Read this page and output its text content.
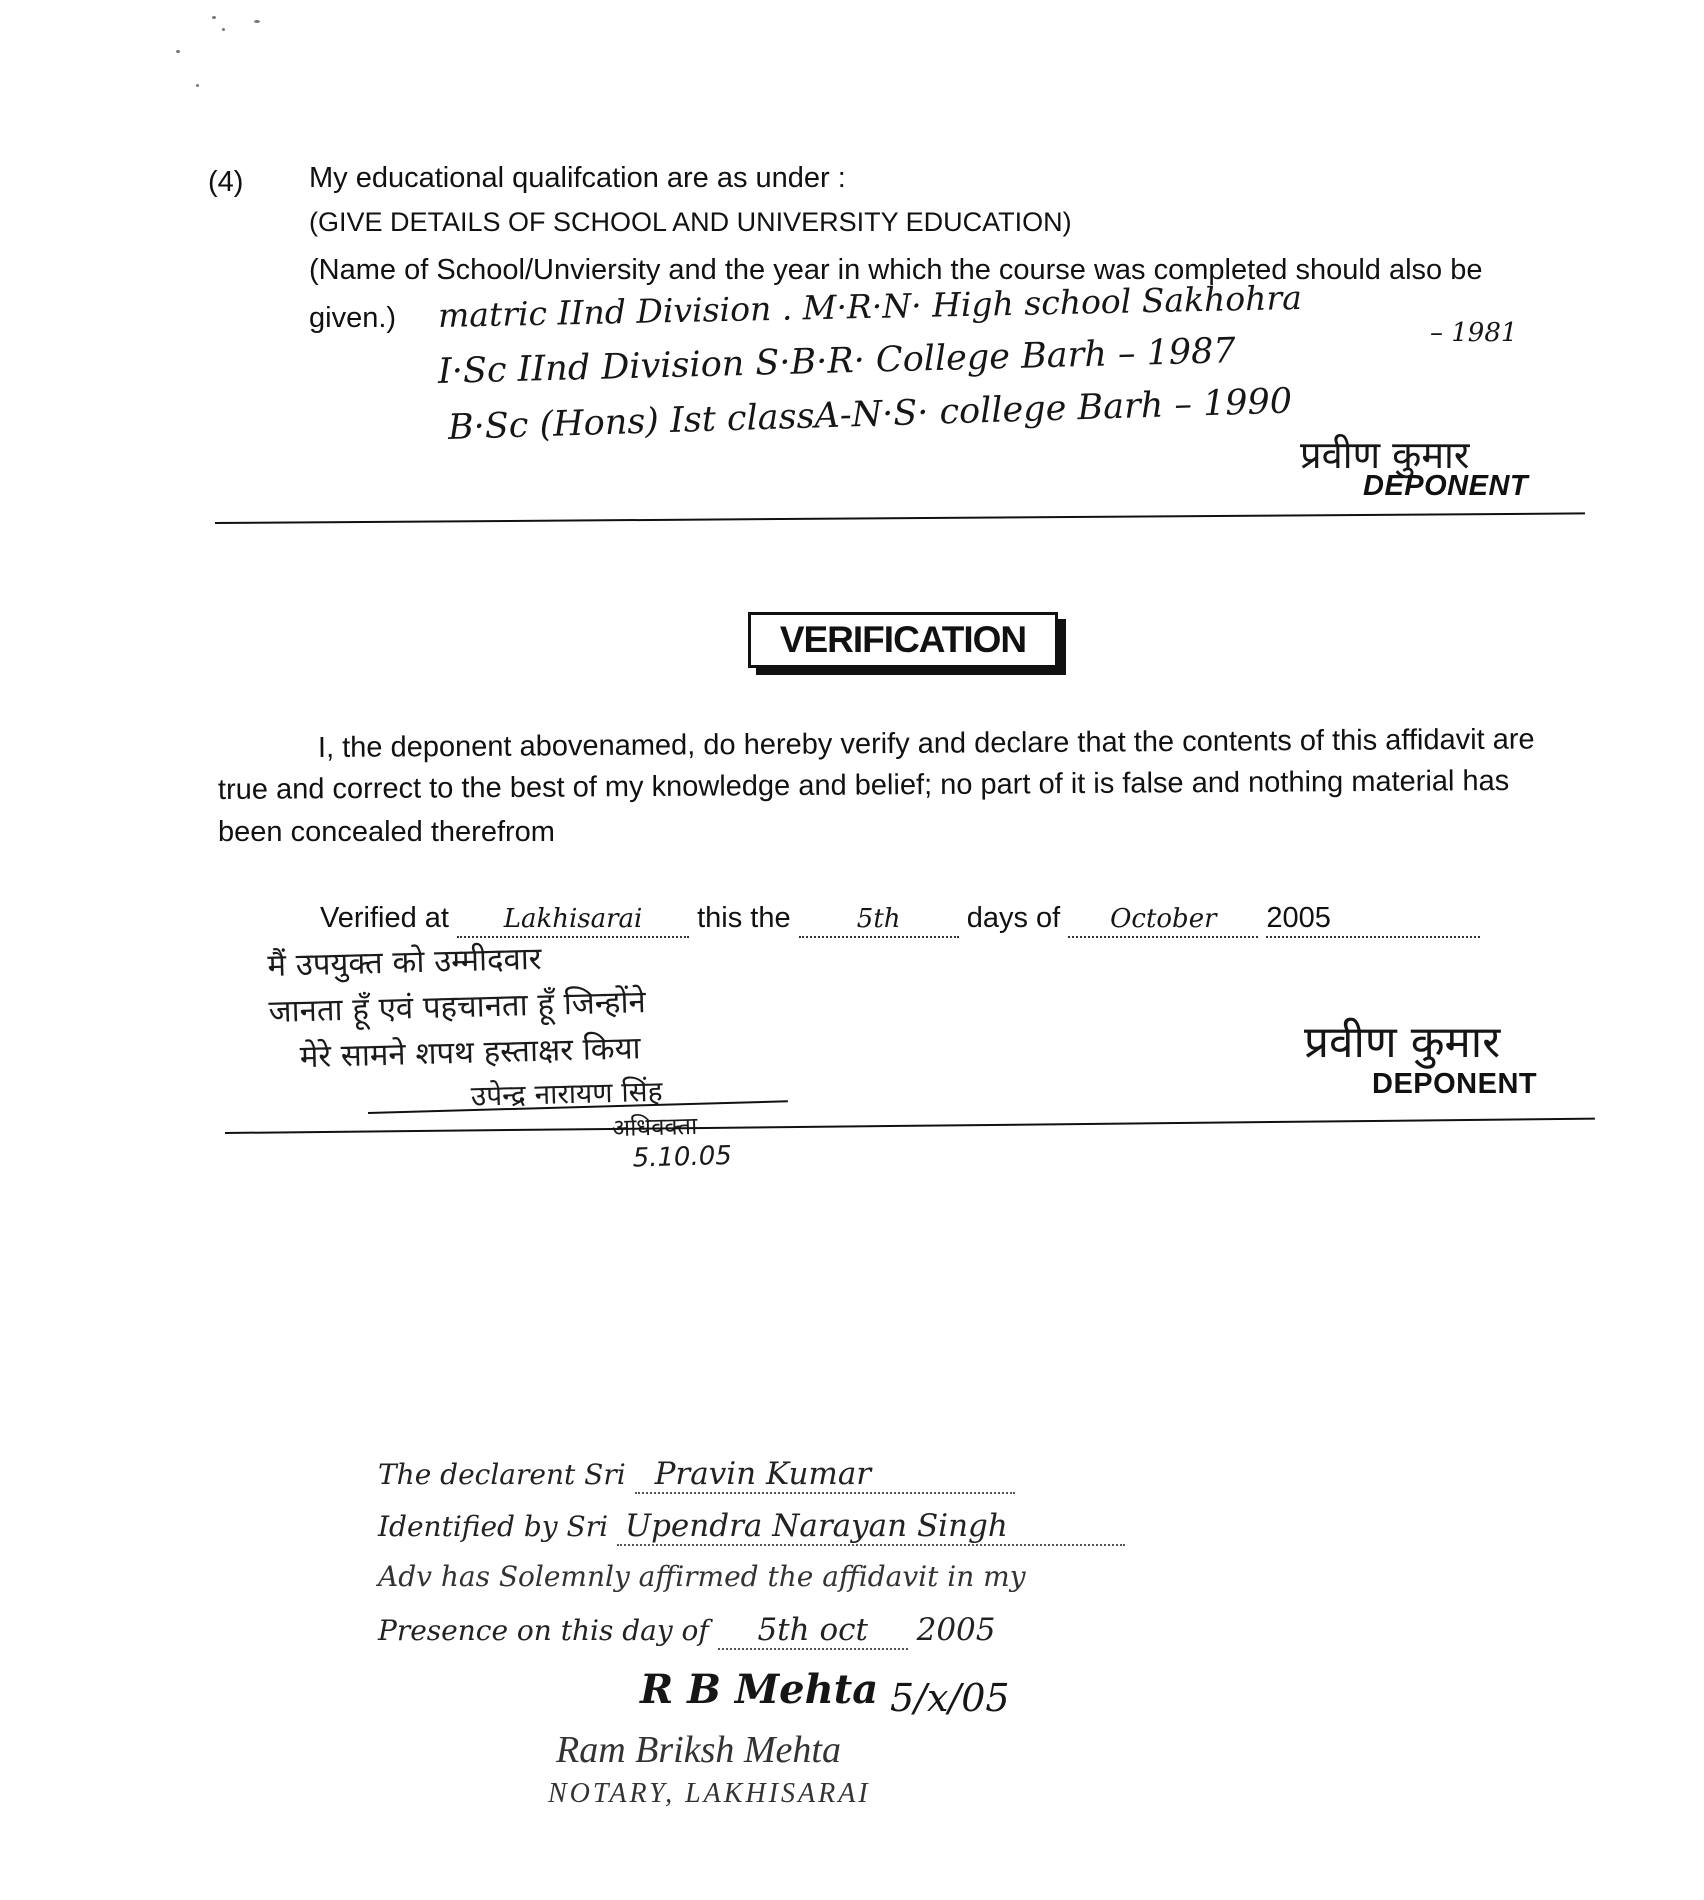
(4) My educational qualifcation are as under :
(GIVE DETAILS OF SCHOOL AND UNIVERSITY EDUCATION)
(Name of School/Unviersity and the year in which the course was completed should also be
given.) matric IInd Division . M·R·N· High school Sakhohra	– 1981
I·Sc IInd Division S·B·R· College Barh – 1987
B·Sc (Hons) Ist classA-N·S· college Barh – 1990
प्रवीण कुमार
DEPONENT
VERIFICATION
I, the deponent abovenamed, do hereby verify and declare that the contents of this affidavit are
true and correct to the best of my knowledge and belief; no part of it is false and nothing material has
been concealed therefrom
Verified at Lakhisarai this the	5th days of October 2005
मैं उपयुक्त को उम्मीदवार
जानता हूँ एवं पहचानता हूँ जिन्होंने
मेरे सामने शपथ हस्ताक्षर किया
उपेन्द्र नारायण सिंह
अधिवक्ता
5.10.05
प्रवीण कुमार
DEPONENT
The declarent Sri Pravin Kumar
Identified by Sri Upendra Narayan Singh
Adv has Solemnly affirmed the affidavit in my
Presence on this day of 5th oct 2005
R B Mehta 5/x/05
Ram Briksh Mehta
NOTARY, LAKHISARAI
